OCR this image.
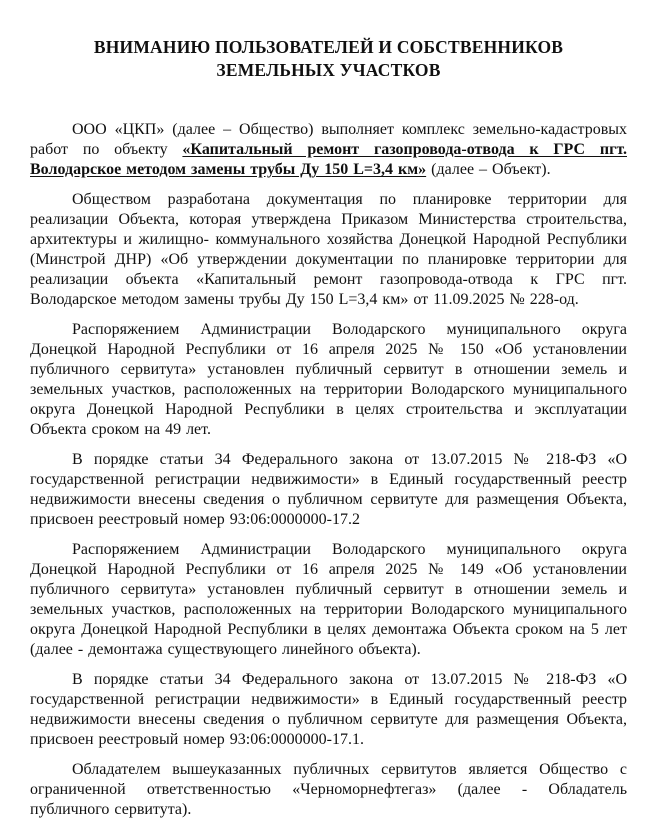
ВНИМАНИЮ ПОЛЬЗОВАТЕЛЕЙ И СОБСТВЕННИКОВ ЗЕМЕЛЬНЫХ УЧАСТКОВ

ООО «ЦКП» (далее – Общество) выполняет комплекс земельно-кадастровых работ по объекту «Капитальный ремонт газопровода-отвода к ГРС пгт. Володарское методом замены трубы Ду 150 L=3,4 км» (далее – Объект).

Обществом разработана документация по планировке территории для реализации Объекта, которая утверждена Приказом Министерства строительства, архитектуры и жилищно- коммунального хозяйства Донецкой Народной Республики (Минстрой ДНР) «Об утверждении документации по планировке территории для реализации объекта «Капитальный ремонт газопровода-отвода к ГРС пгт. Володарское методом замены трубы Ду 150 L=3,4 км» от 11.09.2025 № 228-од.

Распоряжением Администрации Володарского муниципального округа Донецкой Народной Республики от 16 апреля 2025 № 150 «Об установлении публичного сервитута» установлен публичный сервитут в отношении земель и земельных участков, расположенных на территории Володарского муниципального округа Донецкой Народной Республики в целях строительства и эксплуатации Объекта сроком на 49 лет.

В порядке статьи 34 Федерального закона от 13.07.2015 № 218-ФЗ «О государственной регистрации недвижимости» в Единый государственный реестр недвижимости внесены сведения о публичном сервитуте для размещения Объекта, присвоен реестровый номер 93:06:0000000-17.2

Распоряжением Администрации Володарского муниципального округа Донецкой Народной Республики от 16 апреля 2025 № 149 «Об установлении публичного сервитута» установлен публичный сервитут в отношении земель и земельных участков, расположенных на территории Володарского муниципального округа Донецкой Народной Республики в целях демонтажа Объекта сроком на 5 лет (далее - демонтажа существующего линейного объекта).

В порядке статьи 34 Федерального закона от 13.07.2015 № 218-ФЗ «О государственной регистрации недвижимости» в Единый государственный реестр недвижимости внесены сведения о публичном сервитуте для размещения Объекта, присвоен реестровый номер 93:06:0000000-17.1.

Обладателем вышеуказанных публичных сервитутов является Общество с ограниченной ответственностью «Черноморнефтегаз» (далее - Обладатель публичного сервитута).
